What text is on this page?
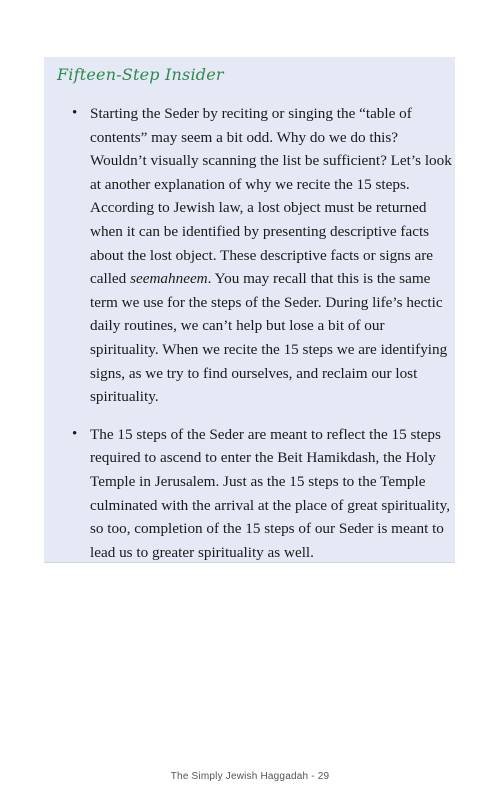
Fifteen-Step Insider
• Starting the Seder by reciting or singing the “table of contents” may seem a bit odd. Why do we do this? Wouldn’t visually scanning the list be sufficient? Let’s look at another explanation of why we recite the 15 steps. According to Jewish law, a lost object must be returned when it can be identified by presenting descriptive facts about the lost object. These descriptive facts or signs are called seemahneem. You may recall that this is the same term we use for the steps of the Seder. During life’s hectic daily routines, we can’t help but lose a bit of our spirituality. When we recite the 15 steps we are identifying signs, as we try to find ourselves, and reclaim our lost spirituality.
• The 15 steps of the Seder are meant to reflect the 15 steps required to ascend to enter the Beit Hamikdash, the Holy Temple in Jerusalem. Just as the 15 steps to the Temple culminated with the arrival at the place of great spirituality, so too, completion of the 15 steps of our Seder is meant to lead us to greater spirituality as well.
The Simply Jewish Haggadah - 29
